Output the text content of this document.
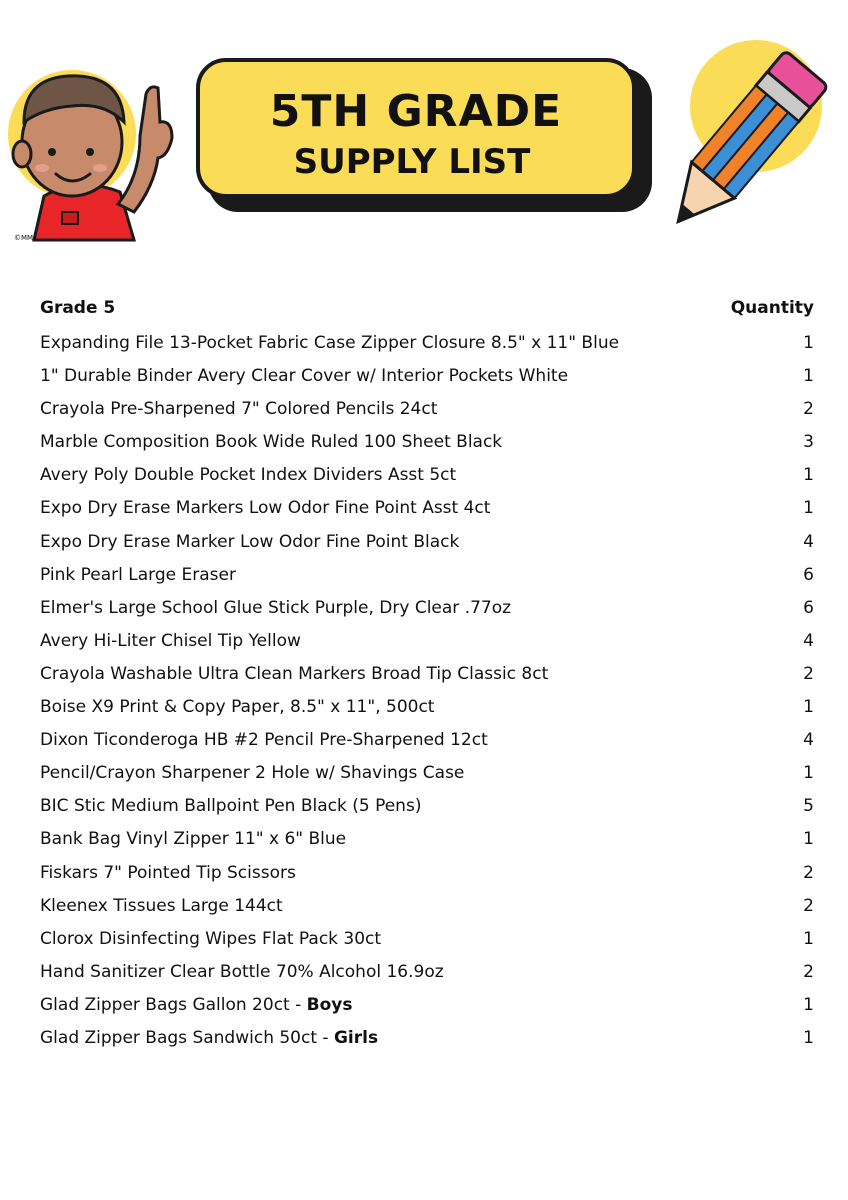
©MMk
5TH GRADE
SUPPLY LIST
Grade 5	Quantity
Expanding File 13-Pocket Fabric Case Zipper Closure 8.5" x 11" Blue	1
1" Durable Binder Avery Clear Cover w/ Interior Pockets White	1
Crayola Pre-Sharpened 7" Colored Pencils 24ct	2
Marble Composition Book Wide Ruled 100 Sheet Black	3
Avery Poly Double Pocket Index Dividers Asst 5ct	1
Expo Dry Erase Markers Low Odor Fine Point Asst 4ct	1
Expo Dry Erase Marker Low Odor Fine Point Black	4
Pink Pearl Large Eraser	6
Elmer's Large School Glue Stick Purple, Dry Clear .77oz	6
Avery Hi-Liter Chisel Tip Yellow	4
Crayola Washable Ultra Clean Markers Broad Tip Classic 8ct	2
Boise X9 Print & Copy Paper, 8.5" x 11", 500ct	1
Dixon Ticonderoga HB #2 Pencil Pre-Sharpened 12ct	4
Pencil/Crayon Sharpener 2 Hole w/ Shavings Case	1
BIC Stic Medium Ballpoint Pen Black (5 Pens)	5
Bank Bag Vinyl Zipper 11" x 6" Blue	1
Fiskars 7" Pointed Tip Scissors	2
Kleenex Tissues Large 144ct	2
Clorox Disinfecting Wipes Flat Pack 30ct	1
Hand Sanitizer Clear Bottle 70% Alcohol 16.9oz	2
Glad Zipper Bags Gallon 20ct - Boys	1
Glad Zipper Bags Sandwich 50ct - Girls	1
